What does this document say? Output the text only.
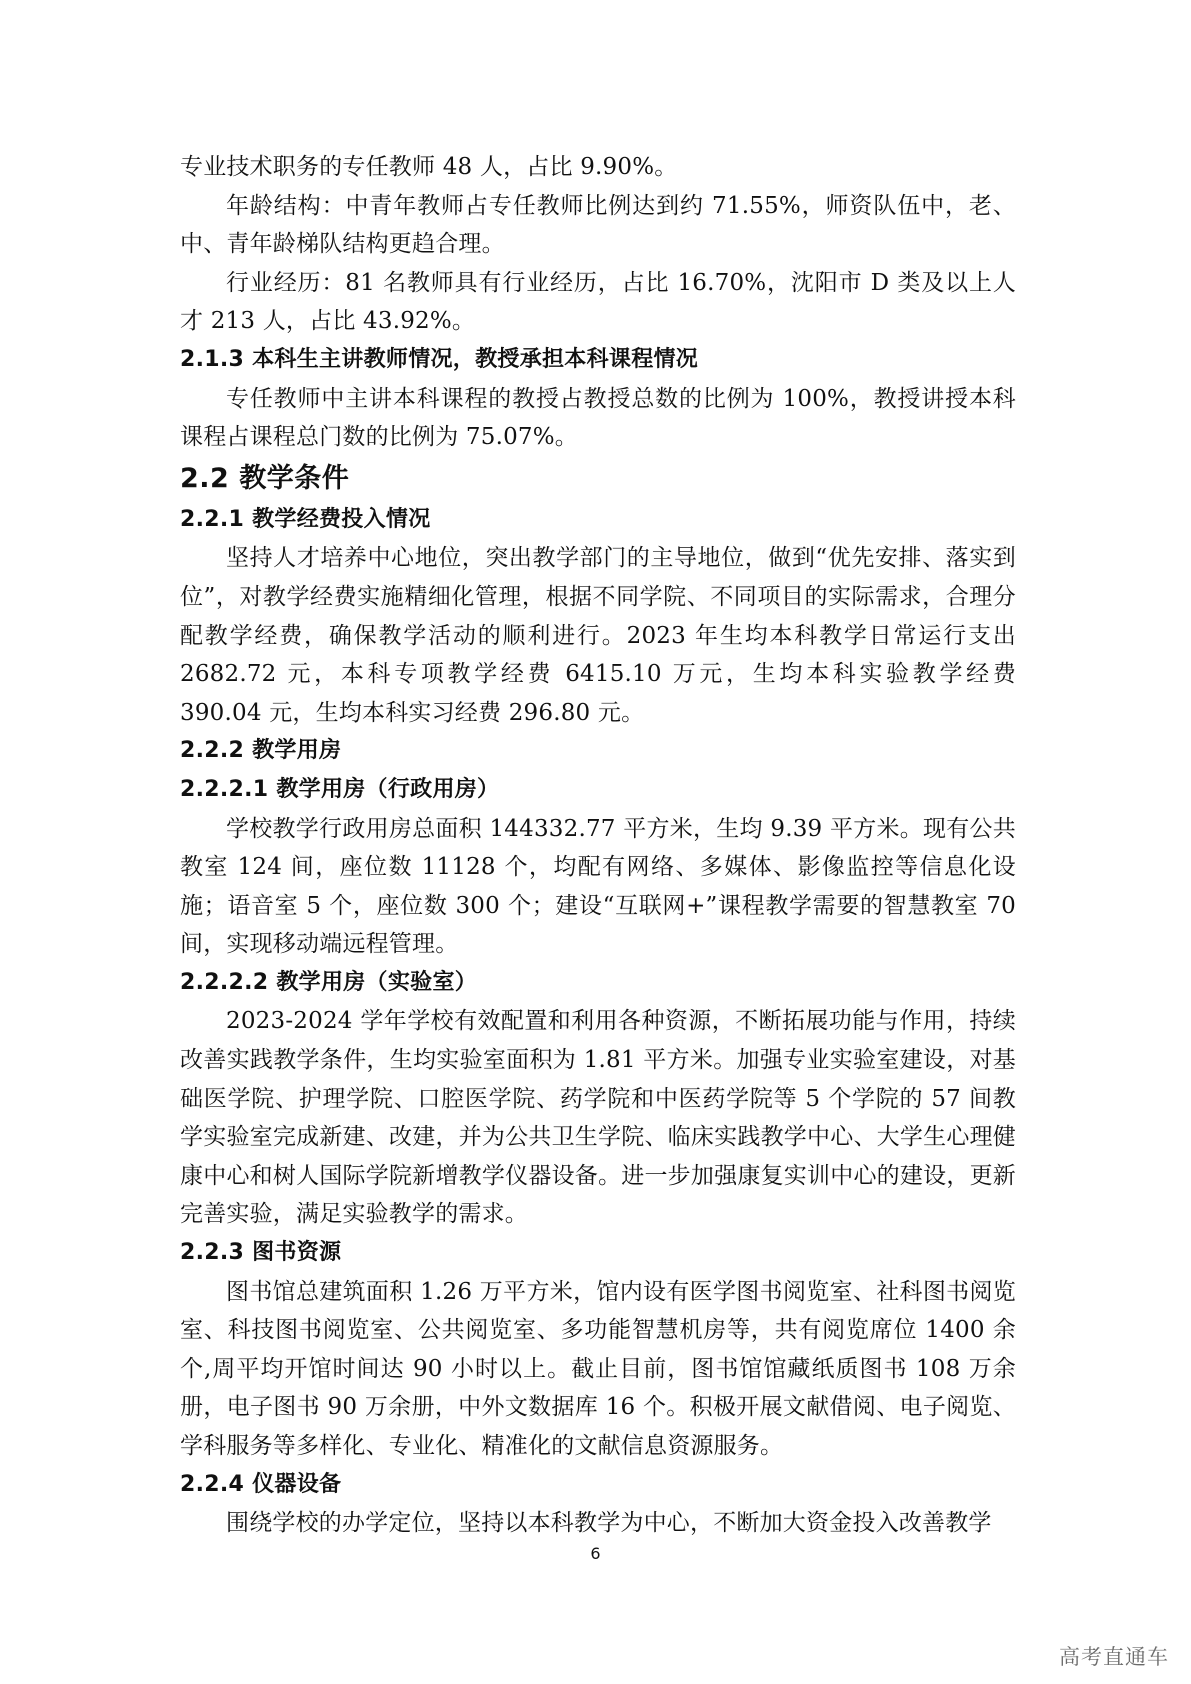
专业技术职务的专任教师 48 人，占比 9.90%。
年龄结构：中青年教师占专任教师比例达到约 71.55%，师资队伍中，老、中、青年龄梯队结构更趋合理。
行业经历：81 名教师具有行业经历，占比 16.70%，沈阳市 D 类及以上人才 213 人，占比 43.92%。
2.1.3 本科生主讲教师情况，教授承担本科课程情况
专任教师中主讲本科课程的教授占教授总数的比例为 100%，教授讲授本科课程占课程总门数的比例为 75.07%。
2.2 教学条件
2.2.1 教学经费投入情况
坚持人才培养中心地位，突出教学部门的主导地位，做到“优先安排、落实到位”，对教学经费实施精细化管理，根据不同学院、不同项目的实际需求，合理分配教学经费，确保教学活动的顺利进行。2023 年生均本科教学日常运行支出 2682.72 元，本科专项教学经费 6415.10 万元，生均本科实验教学经费 390.04 元，生均本科实习经费 296.80 元。
2.2.2 教学用房
2.2.2.1 教学用房（行政用房）
学校教学行政用房总面积 144332.77 平方米，生均 9.39 平方米。现有公共教室 124 间，座位数 11128 个，均配有网络、多媒体、影像监控等信息化设施；语音室 5 个，座位数 300 个；建设“互联网+”课程教学需要的智慧教室 70 间，实现移动端远程管理。
2.2.2.2 教学用房（实验室）
2023-2024 学年学校有效配置和利用各种资源，不断拓展功能与作用，持续改善实践教学条件，生均实验室面积为 1.81 平方米。加强专业实验室建设，对基础医学院、护理学院、口腔医学院、药学院和中医药学院等 5 个学院的 57 间教学实验室完成新建、改建，并为公共卫生学院、临床实践教学中心、大学生心理健康中心和树人国际学院新增教学仪器设备。进一步加强康复实训中心的建设，更新完善实验，满足实验教学的需求。
2.2.3 图书资源
图书馆总建筑面积 1.26 万平方米，馆内设有医学图书阅览室、社科图书阅览室、科技图书阅览室、公共阅览室、多功能智慧机房等，共有阅览席位 1400 余个,周平均开馆时间达 90 小时以上。截止目前，图书馆馆藏纸质图书 108 万余册，电子图书 90 万余册，中外文数据库 16 个。积极开展文献借阅、电子阅览、学科服务等多样化、专业化、精准化的文献信息资源服务。
2.2.4 仪器设备
围绕学校的办学定位，坚持以本科教学为中心，不断加大资金投入改善教学
6
高考直通车
